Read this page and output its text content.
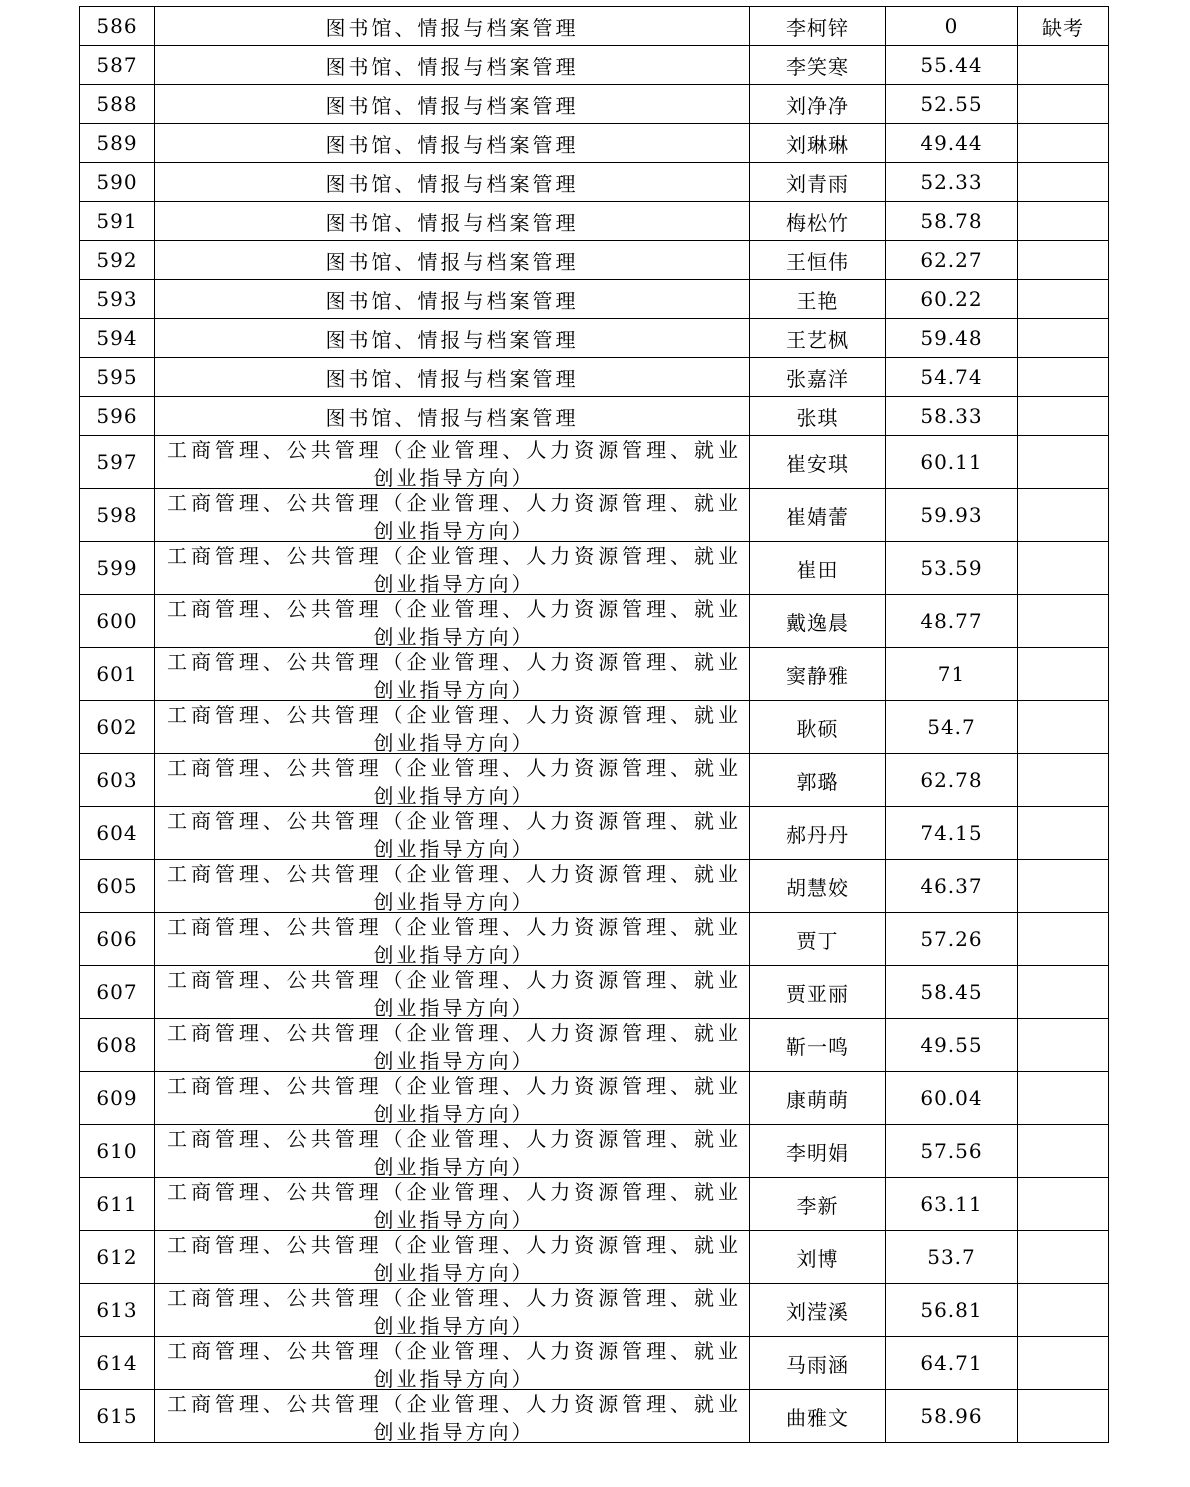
586	图书馆、情报与档案管理	李柯锌	0	缺考
587	图书馆、情报与档案管理	李笑寒	55.44	
588	图书馆、情报与档案管理	刘净净	52.55	
589	图书馆、情报与档案管理	刘琳琳	49.44	
590	图书馆、情报与档案管理	刘青雨	52.33	
591	图书馆、情报与档案管理	梅松竹	58.78	
592	图书馆、情报与档案管理	王恒伟	62.27	
593	图书馆、情报与档案管理	王艳	60.22	
594	图书馆、情报与档案管理	王艺枫	59.48	
595	图书馆、情报与档案管理	张嘉洋	54.74	
596	图书馆、情报与档案管理	张琪	58.33	
597	工商管理、公共管理（企业管理、人力资源管理、就业创业指导方向）	崔安琪	60.11	
598	工商管理、公共管理（企业管理、人力资源管理、就业创业指导方向）	崔婧蕾	59.93	
599	工商管理、公共管理（企业管理、人力资源管理、就业创业指导方向）	崔田	53.59	
600	工商管理、公共管理（企业管理、人力资源管理、就业创业指导方向）	戴逸晨	48.77	
601	工商管理、公共管理（企业管理、人力资源管理、就业创业指导方向）	窦静雅	71	
602	工商管理、公共管理（企业管理、人力资源管理、就业创业指导方向）	耿硕	54.7	
603	工商管理、公共管理（企业管理、人力资源管理、就业创业指导方向）	郭璐	62.78	
604	工商管理、公共管理（企业管理、人力资源管理、就业创业指导方向）	郝丹丹	74.15	
605	工商管理、公共管理（企业管理、人力资源管理、就业创业指导方向）	胡慧姣	46.37	
606	工商管理、公共管理（企业管理、人力资源管理、就业创业指导方向）	贾丁	57.26	
607	工商管理、公共管理（企业管理、人力资源管理、就业创业指导方向）	贾亚丽	58.45	
608	工商管理、公共管理（企业管理、人力资源管理、就业创业指导方向）	靳一鸣	49.55	
609	工商管理、公共管理（企业管理、人力资源管理、就业创业指导方向）	康萌萌	60.04	
610	工商管理、公共管理（企业管理、人力资源管理、就业创业指导方向）	李明娟	57.56	
611	工商管理、公共管理（企业管理、人力资源管理、就业创业指导方向）	李新	63.11	
612	工商管理、公共管理（企业管理、人力资源管理、就业创业指导方向）	刘博	53.7	
613	工商管理、公共管理（企业管理、人力资源管理、就业创业指导方向）	刘滢溪	56.81	
614	工商管理、公共管理（企业管理、人力资源管理、就业创业指导方向）	马雨涵	64.71	
615	工商管理、公共管理（企业管理、人力资源管理、就业创业指导方向）	曲雅文	58.96	
